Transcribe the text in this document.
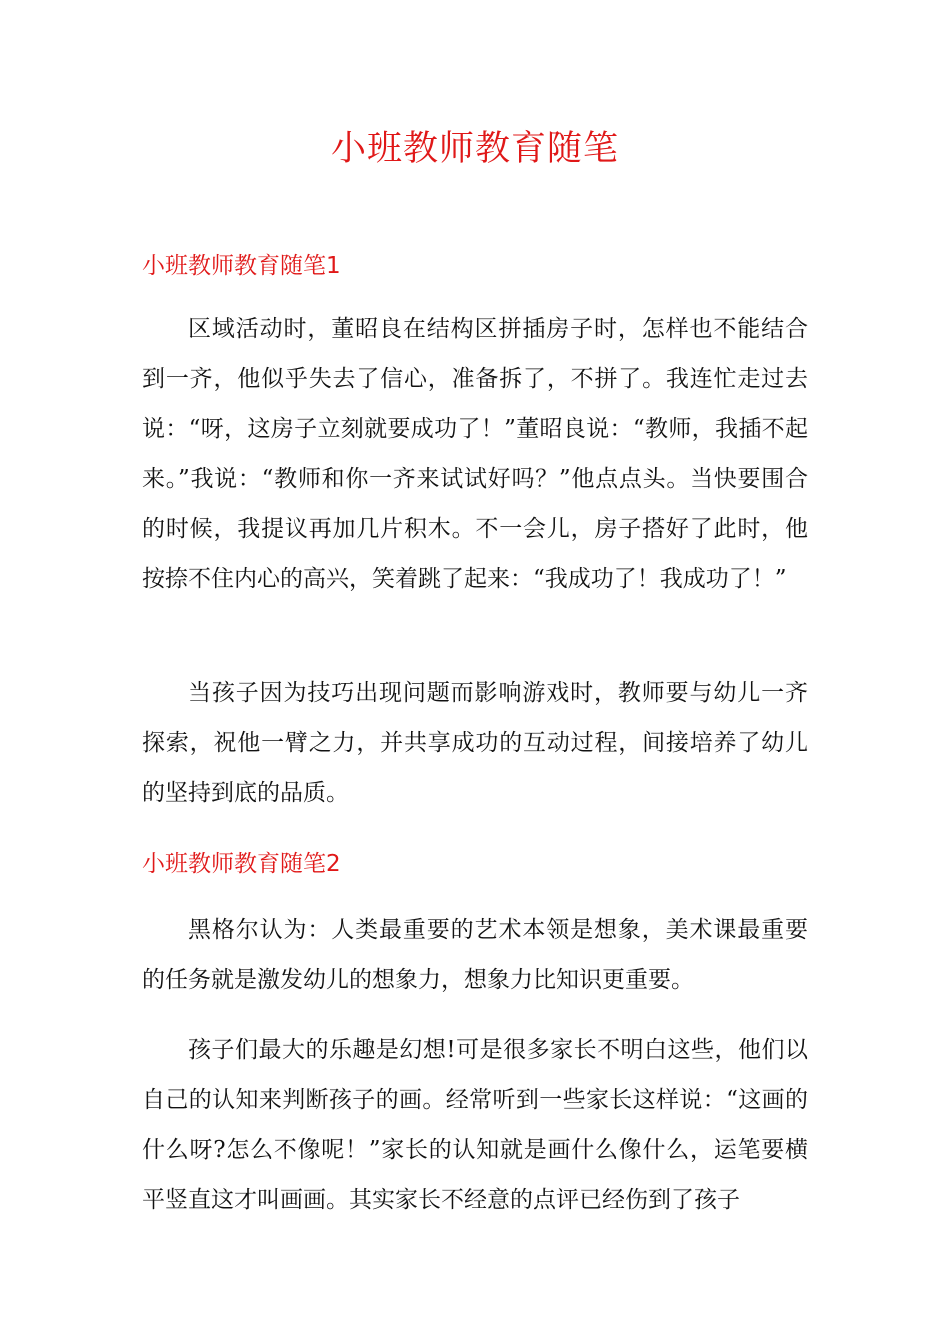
小班教师教育随笔
小班教师教育随笔1

区域活动时，董昭良在结构区拼插房子时，怎样也不能结合到一齐，他似乎失去了信心，准备拆了，不拼了。我连忙走过去说：“呀，这房子立刻就要成功了！”董昭良说：“教师，我插不起来。”我说：“教师和你一齐来试试好吗？”他点点头。当快要围合的时候，我提议再加几片积木。不一会儿，房子搭好了此时，他按捺不住内心的高兴，笑着跳了起来：“我成功了！我成功了！”

当孩子因为技巧出现问题而影响游戏时，教师要与幼儿一齐探索，祝他一臂之力，并共享成功的互动过程，间接培养了幼儿的坚持到底的品质。

小班教师教育随笔2

黑格尔认为：人类最重要的艺术本领是想象，美术课最重要的任务就是激发幼儿的想象力，想象力比知识更重要。

孩子们最大的乐趣是幻想!可是很多家长不明白这些，他们以自己的认知来判断孩子的画。经常听到一些家长这样说：“这画的什么呀?怎么不像呢！”家长的认知就是画什么像什么，运笔要横平竖直这才叫画画。其实家长不经意的点评已经伤到了孩子
